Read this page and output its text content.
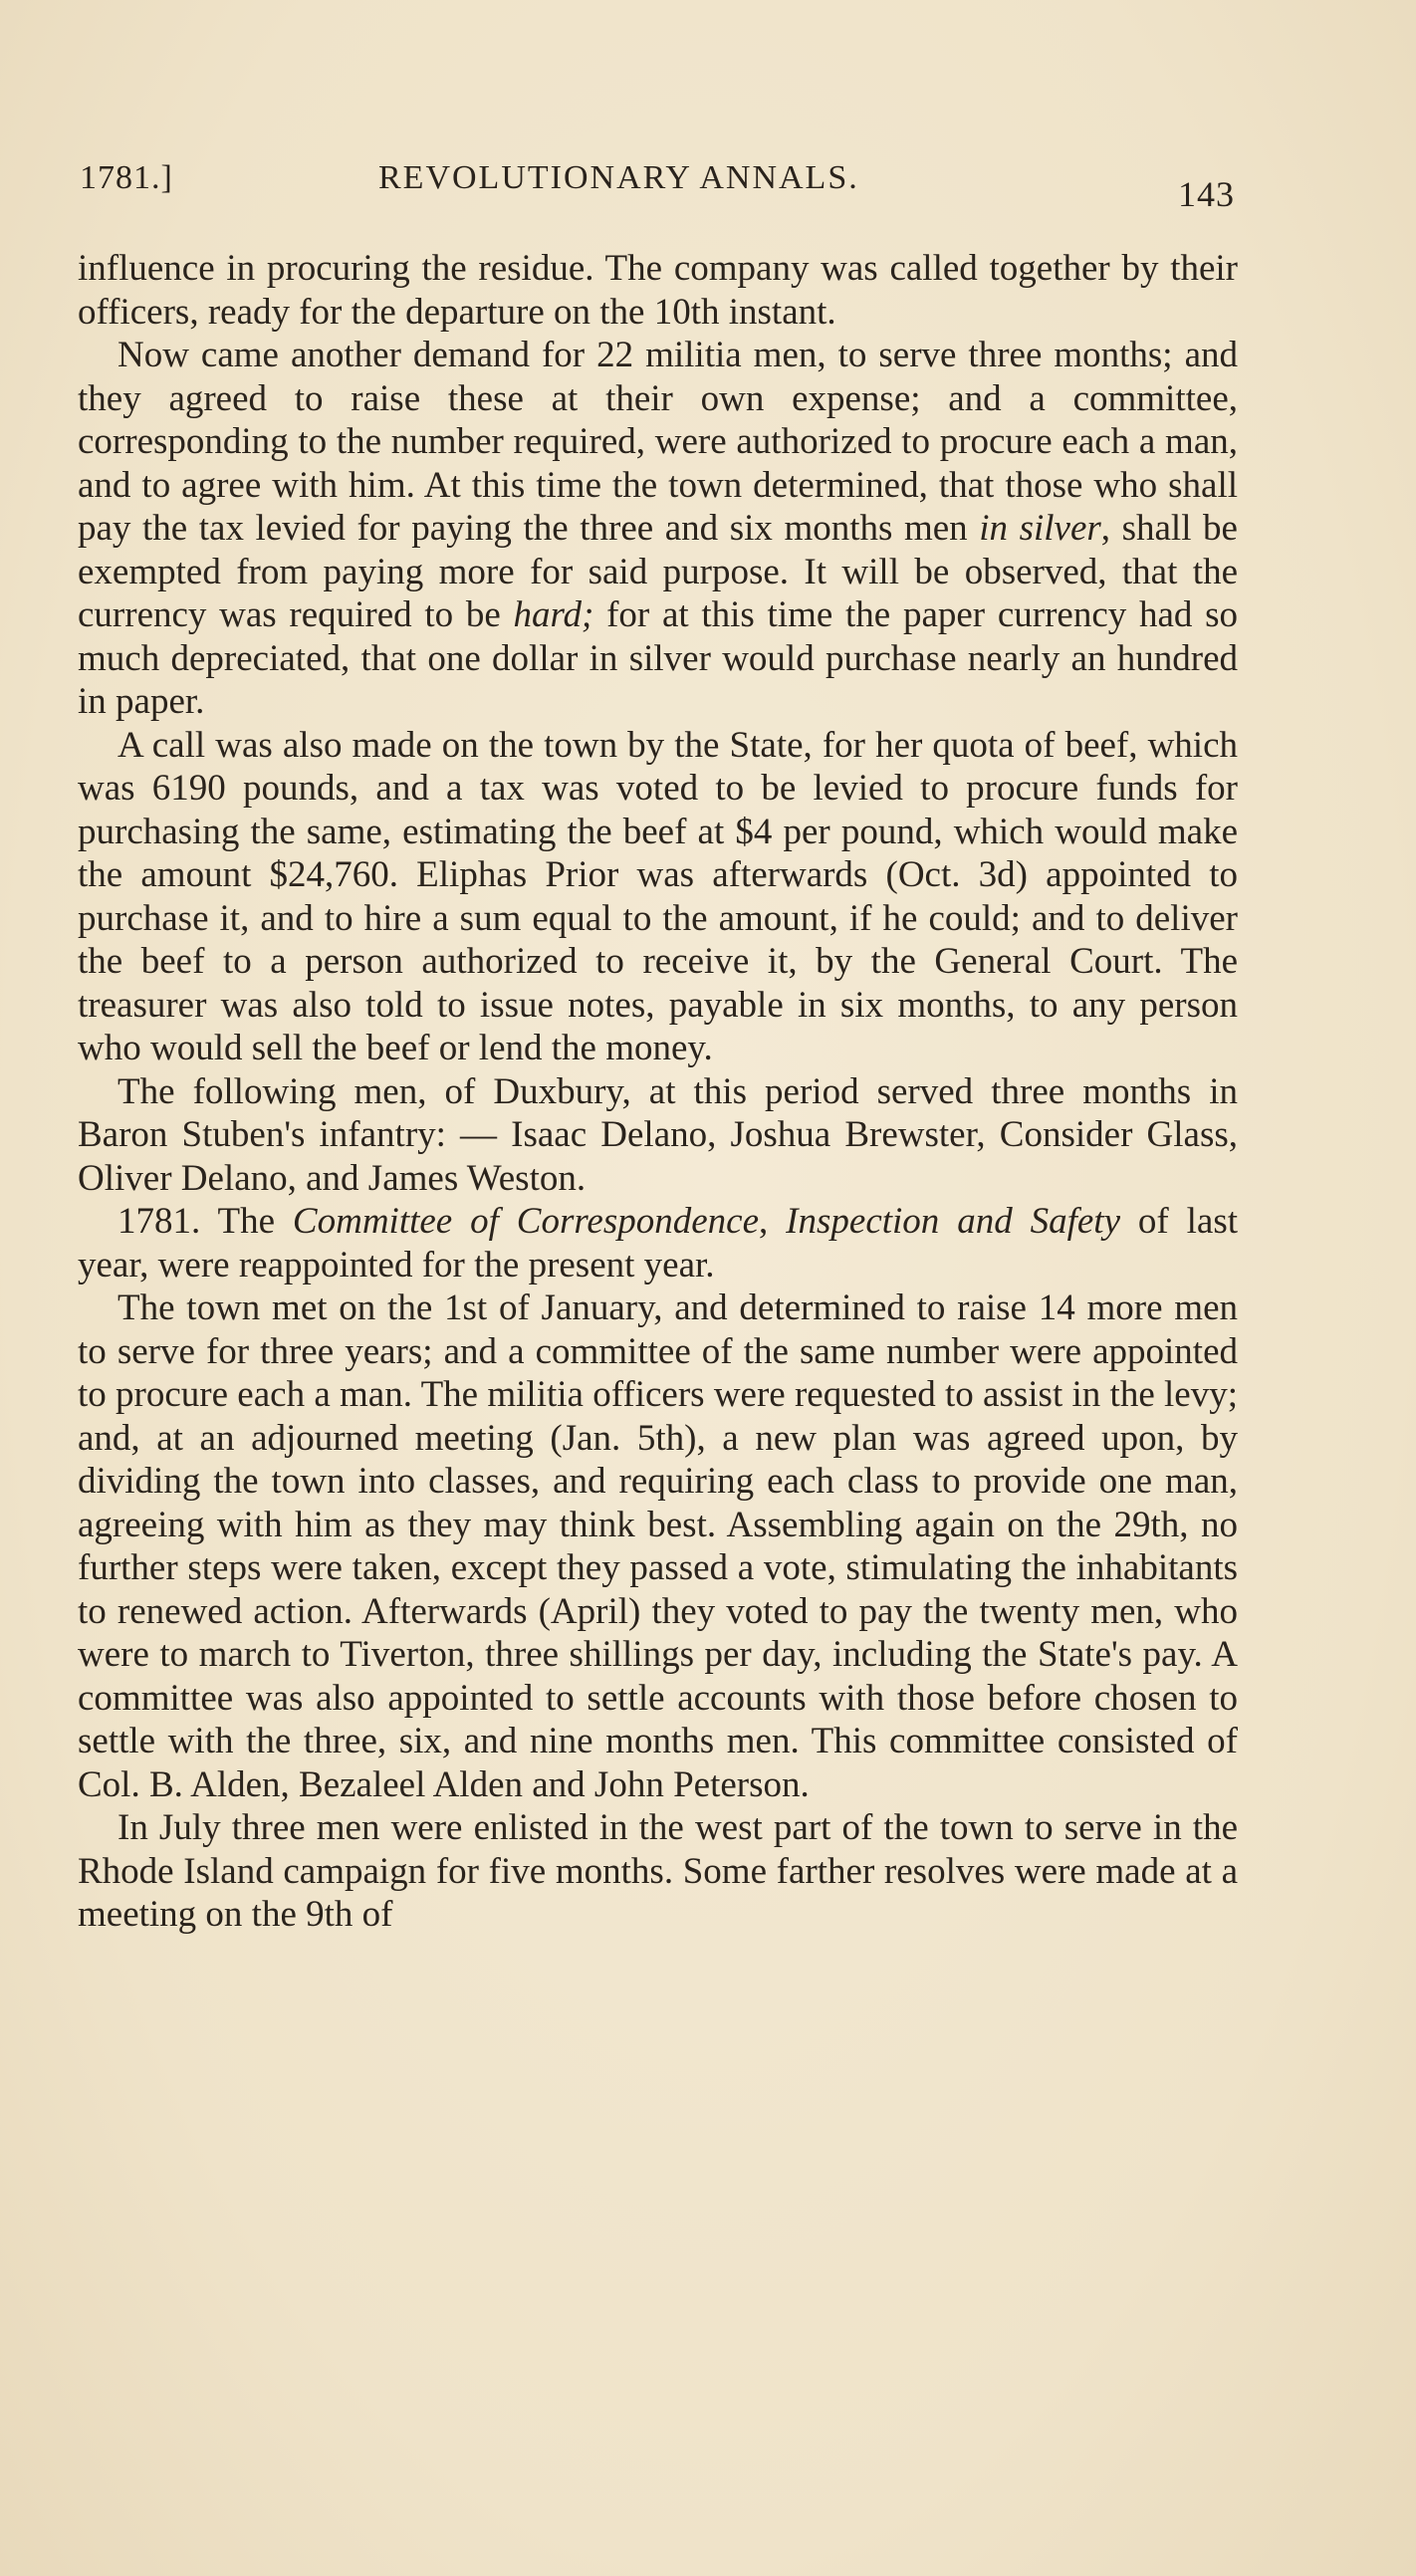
1781.]	REVOLUTIONARY ANNALS.	143

influence in procuring the residue. The company was called together by their officers, ready for the departure on the 10th instant.

Now came another demand for 22 militia men, to serve three months; and they agreed to raise these at their own expense; and a committee, corresponding to the number required, were authorized to procure each a man, and to agree with him. At this time the town determined, that those who shall pay the tax levied for paying the three and six months men in silver, shall be exempted from paying more for said purpose. It will be observed, that the currency was required to be hard; for at this time the paper currency had so much depreciated, that one dollar in silver would purchase nearly an hundred in paper.

A call was also made on the town by the State, for her quota of beef, which was 6190 pounds, and a tax was voted to be levied to procure funds for purchasing the same, estimating the beef at $4 per pound, which would make the amount $24,760. Eliphas Prior was afterwards (Oct. 3d) appointed to purchase it, and to hire a sum equal to the amount, if he could; and to deliver the beef to a person authorized to receive it, by the General Court. The treasurer was also told to issue notes, payable in six months, to any person who would sell the beef or lend the money.

The following men, of Duxbury, at this period served three months in Baron Stuben's infantry: — Isaac Delano, Joshua Brewster, Consider Glass, Oliver Delano, and James Weston.

1781. The Committee of Correspondence, Inspection and Safety of last year, were reappointed for the present year.

The town met on the 1st of January, and determined to raise 14 more men to serve for three years; and a committee of the same number were appointed to procure each a man. The militia officers were requested to assist in the levy; and, at an adjourned meeting (Jan. 5th), a new plan was agreed upon, by dividing the town into classes, and requiring each class to provide one man, agreeing with him as they may think best. Assembling again on the 29th, no further steps were taken, except they passed a vote, stimulating the inhabitants to renewed action. Afterwards (April) they voted to pay the twenty men, who were to march to Tiverton, three shillings per day, including the State's pay. A committee was also appointed to settle accounts with those before chosen to settle with the three, six, and nine months men. This committee consisted of Col. B. Alden, Bezaleel Alden and John Peterson.

In July three men were enlisted in the west part of the town to serve in the Rhode Island campaign for five months. Some farther resolves were made at a meeting on the 9th of
